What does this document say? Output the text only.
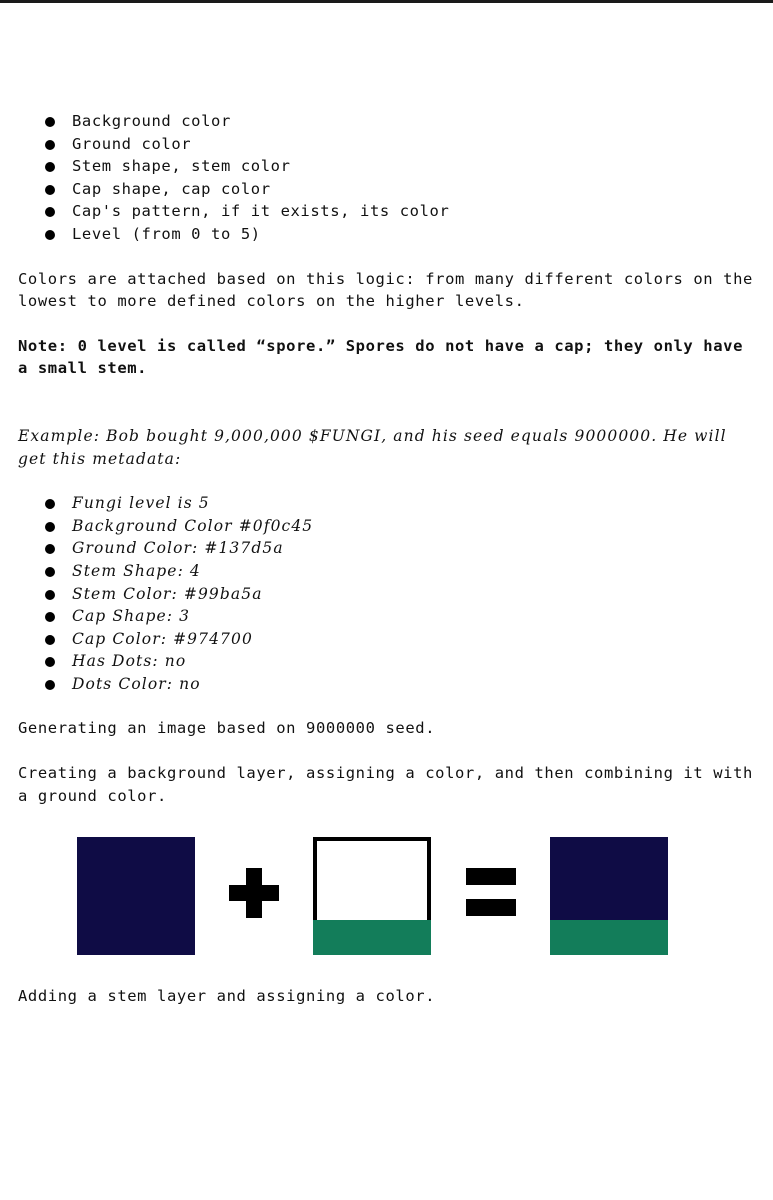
Background color
Ground color
Stem shape, stem color
Cap shape, cap color
Cap's pattern, if it exists, its color
Level (from 0 to 5)

Colors are attached based on this logic: from many different colors on the lowest to more defined colors on the higher levels.

Note: 0 level is called “spore.” Spores do not have a cap; they only have a small stem.

Example: Bob bought 9,000,000 $FUNGI, and his seed equals 9000000. He will get this metadata:

Fungi level is 5
Background Color #0f0c45
Ground Color: #137d5a
Stem Shape: 4
Stem Color: #99ba5a
Cap Shape: 3
Cap Color: #974700
Has Dots: no
Dots Color: no

Generating an image based on 9000000 seed.

Creating a background layer, assigning a color, and then combining it with a ground color.

Adding a stem layer and assigning a color.
